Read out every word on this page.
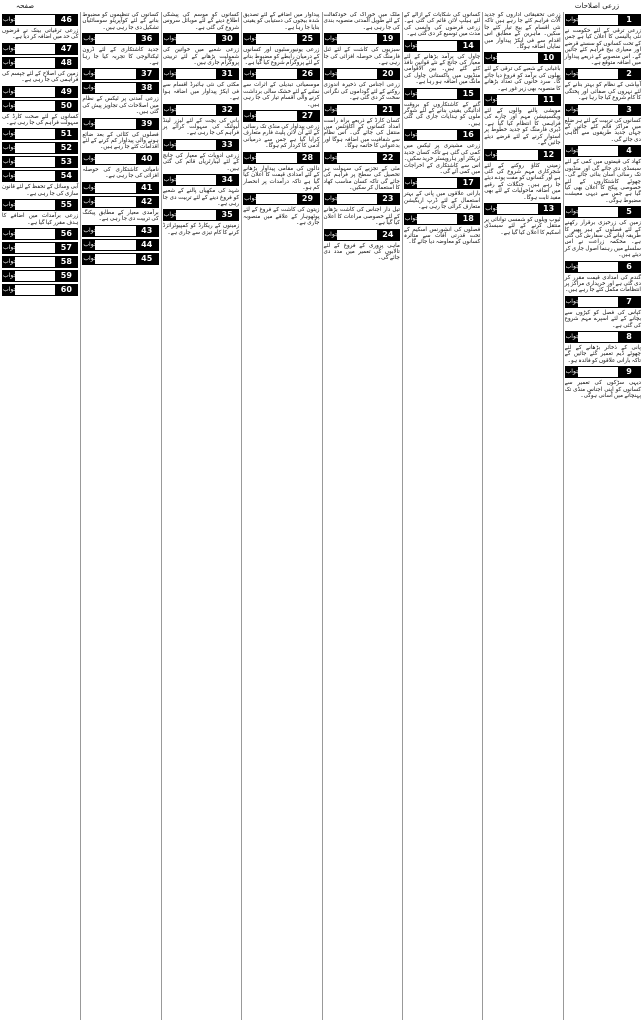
زرعی اصلاحات
صفحہ
جواب	1
زرعی ترقی کے لئے حکومت نے نئی پالیسی کا اعلان کیا ہے جس کے تحت کسانوں کو سستے قرضے اور معیاری بیج فراہم کئے جائیں گے۔ اس منصوبے کے ذریعے پیداوار میں اضافہ متوقع ہے۔
جواب	2
آبپاشی کے نظام کو بہتر بنانے کے لئے نہروں کی صفائی اور پختگی کا کام شروع کیا جا رہا ہے۔
جواب	3
کسانوں کی تربیت کے لئے ہر ضلع میں مراکز قائم کئے جائیں گے جہاں جدید طریقوں سے آگاہی دی جائے گی۔
جواب	4
کھاد کی قیمتوں میں کمی کے لئے سبسڈی دی جائے گی اور منڈیوں تک رسائی آسان بنائی جائے گی۔ چھوٹے کاشتکاروں کے لئے خصوصی پیکج کا اعلان بھی کیا گیا ہے جس سے دیہی معیشت مضبوط ہوگی۔
جواب	5
زمین کی زرخیزی برقرار رکھنے کے لئے فصلوں کے ہیر پھیر کا طریقہ اپنانے کی سفارش کی گئی ہے۔ محکمہ زراعت نے اس سلسلے میں رہنما اصول جاری کر دیئے ہیں۔
جواب	6
گندم کی امدادی قیمت مقرر کر دی گئی ہے اور خریداری مراکز پر انتظامات مکمل کئے جا رہے ہیں۔
جواب	7
کپاس کی فصل کو کیڑوں سے بچانے کے لئے اسپرے مہم شروع کی گئی ہے۔
جواب	8
پانی کے ذخائر بڑھانے کے لئے چھوٹے ڈیم تعمیر کئے جائیں گے تاکہ بارانی علاقوں کو فائدہ ہو۔
جواب	9
دیہی سڑکوں کی تعمیر سے کسانوں کو اپنی اجناس منڈی تک پہنچانے میں آسانی ہوگی۔
زرعی تحقیقاتی اداروں کو جدید آلات فراہم کئے جا رہے ہیں تاکہ نئی اقسام کے بیج تیار کئے جا سکیں۔ ماہرین کے مطابق اس اقدام سے فی ایکڑ پیداوار میں نمایاں اضافہ ہوگا۔
جواب	10
باغبانی کے شعبے کی ترقی کے لئے پھلوں کی برآمد کو فروغ دیا جائے گا۔ سرد خانوں کی تعداد بڑھانے کا منصوبہ بھی زیر غور ہے۔
جواب	11
مویشی پالنے والوں کے لئے ویکسینیشن مہم اور چارے کی فراہمی کا انتظام کیا گیا ہے۔ ڈیری فارمنگ کو جدید خطوط پر استوار کرنے کے لئے قرضے دیئے جائیں گے۔
جواب	12
زمینی کٹاؤ روکنے کے لئے شجرکاری مہم شروع کی گئی ہے اور کسانوں کو مفت پودے دیئے جا رہے ہیں۔ جنگلات کے رقبے میں اضافہ ماحولیات کے لئے بھی مفید ثابت ہوگا۔
جواب	13
ٹیوب ویلوں کو شمسی توانائی پر منتقل کرنے کے لئے سبسڈی اسکیم کا اعلان کیا گیا ہے۔
کسانوں کی شکایات کے ازالے کے لئے ہیلپ لائن قائم کی گئی ہے۔ زرعی قرضوں کی واپسی کی مدت میں توسیع کر دی گئی ہے۔
جواب	14
چاول کی برآمد بڑھانے کے لئے معیار کی جانچ کے نئے قوانین نافذ کئے گئے ہیں۔ بین الاقوامی منڈیوں میں پاکستانی چاول کی مانگ میں اضافہ ہو رہا ہے۔
جواب	15
گنے کے کاشتکاروں کو بروقت ادائیگی یقینی بنانے کے لئے شوگر ملوں کو ہدایات جاری کی گئی ہیں۔
جواب	16
زرعی مشینری پر ٹیکس میں کمی کی گئی ہے تاکہ کسان جدید ٹریکٹر اور ہارویسٹر خرید سکیں۔ اس سے کاشتکاری کے اخراجات میں کمی آئے گی۔
جواب	17
بارانی علاقوں میں پانی کے بہتر استعمال کے لئے ڈرپ اریگیشن متعارف کرائی جا رہی ہے۔
جواب	18
فصلوں کی انشورنس اسکیم کے تحت قدرتی آفات سے متاثرہ کسانوں کو معاوضہ دیا جائے گا۔
ملک میں خوراک کی خودکفالت کے لئے طویل المدتی منصوبہ بندی کی جا رہی ہے۔
جواب	19
سبزیوں کی کاشت کے لئے ٹنل فارمنگ کی حوصلہ افزائی کی جا رہی ہے۔
جواب	20
زرعی اجناس کی ذخیرہ اندوزی روکنے کے لئے گوداموں کی نگرانی سخت کر دی گئی ہے۔
جواب	21
کسان کارڈ کے ذریعے براہ راست امداد کسانوں کے اکاؤنٹس میں منتقل کی جائے گی۔ اس نظام سے شفافیت میں اضافہ ہوگا اور بدعنوانی کا خاتمہ ہوگا۔
جواب	22
مٹی کے تجزیے کی سہولت ہر تحصیل کی سطح پر فراہم کی جائے گی تاکہ کسان مناسب کھاد کا استعمال کر سکیں۔
جواب	23
تیل دار اجناس کی کاشت بڑھانے کے لئے خصوصی مراعات کا اعلان کیا گیا ہے۔
جواب	24
ماہی پروری کے فروغ کے لئے تالابوں کی تعمیر میں مدد دی جائے گی۔
پیداوار میں اضافے کے لئے تصدیق شدہ بیجوں کی دستیابی کو یقینی بنایا جا رہا ہے۔
جواب	25
زرعی یونیورسٹیوں اور کسانوں کے درمیان رابطے کو مضبوط بنانے کے لئے پروگرام شروع کیا گیا ہے۔
جواب	26
موسمیاتی تبدیلی کے اثرات سے نمٹنے کے لئے خشک سالی برداشت کرنے والی اقسام تیار کی جا رہی ہیں۔
جواب	27
زرعی پیداوار کی منڈی تک رسائی کے لئے آن لائن پلیٹ فارم متعارف کرایا گیا ہے جس سے درمیانی آدمی کا کردار کم ہوگا۔
جواب	28
دالوں کی مقامی پیداوار بڑھانے کے لئے امدادی قیمت کا اعلان کیا گیا ہے تاکہ درآمدات پر انحصار کم ہو۔
جواب	29
زیتون کی کاشت کے فروغ کے لئے پوٹھوہار کے علاقے میں منصوبہ جاری ہے۔
کسانوں کو موسم کی پیشگی اطلاع دینے کے لئے موبائل سروس شروع کی گئی ہے۔
جواب	30
زرعی شعبے میں خواتین کی شمولیت بڑھانے کے لئے تربیتی پروگرام جاری ہیں۔
جواب	31
مکئی کی نئی ہائبرڈ اقسام سے فی ایکڑ پیداوار میں اضافہ ہوا ہے۔
جواب	32
پانی کی بچت کے لئے لیزر لینڈ لیولنگ کی سہولت کرائے پر فراہم کی جا رہی ہے۔
جواب	33
زرعی ادویات کے معیار کی جانچ کے لئے لیبارٹریاں قائم کی گئی ہیں۔
جواب	34
شہد کی مکھیاں پالنے کے شعبے کو فروغ دینے کے لئے تربیت دی جا رہی ہے۔
جواب	35
زمینوں کے ریکارڈ کو کمپیوٹرائزڈ کرنے کا کام تیزی سے جاری ہے۔
کسانوں کی تنظیموں کو مضبوط بنانے کے لئے کوآپریٹو سوسائٹیاں تشکیل دی جا رہی ہیں۔
جواب	36
جدید کاشتکاری کے لئے ڈرون ٹیکنالوجی کا تجربہ کیا جا رہا ہے۔
جواب	37
جواب	38
زرعی آمدنی پر ٹیکس کے نظام میں اصلاحات کی تجاویز پیش کی گئی ہیں۔
جواب	39
فصلوں کی کٹائی کے بعد ضائع ہونے والی پیداوار کم کرنے کے لئے اقدامات کئے جا رہے ہیں۔
جواب	40
نامیاتی کاشتکاری کی حوصلہ افزائی کی جا رہی ہے۔
جواب	41
جواب	42
برآمدی معیار کے مطابق پیکنگ کی تربیت دی جا رہی ہے۔
جواب	43
جواب	44
جواب	45
جواب	46
زرعی ترقیاتی بینک نے قرضوں کی حد میں اضافہ کر دیا ہے۔
جواب	47
جواب	48
زمین کی اصلاح کے لئے جپسم کی فراہمی کی جا رہی ہے۔
جواب	49
جواب	50
کسانوں کے لئے صحت کارڈ کی سہولت فراہم کی جا رہی ہے۔
جواب	51
جواب	52
جواب	53
جواب	54
آبی وسائل کے تحفظ کے لئے قانون سازی کی جا رہی ہے۔
جواب	55
زرعی برآمدات میں اضافے کا ہدف مقرر کیا گیا ہے۔
جواب	56
جواب	57
جواب	58
جواب	59
جواب	60
